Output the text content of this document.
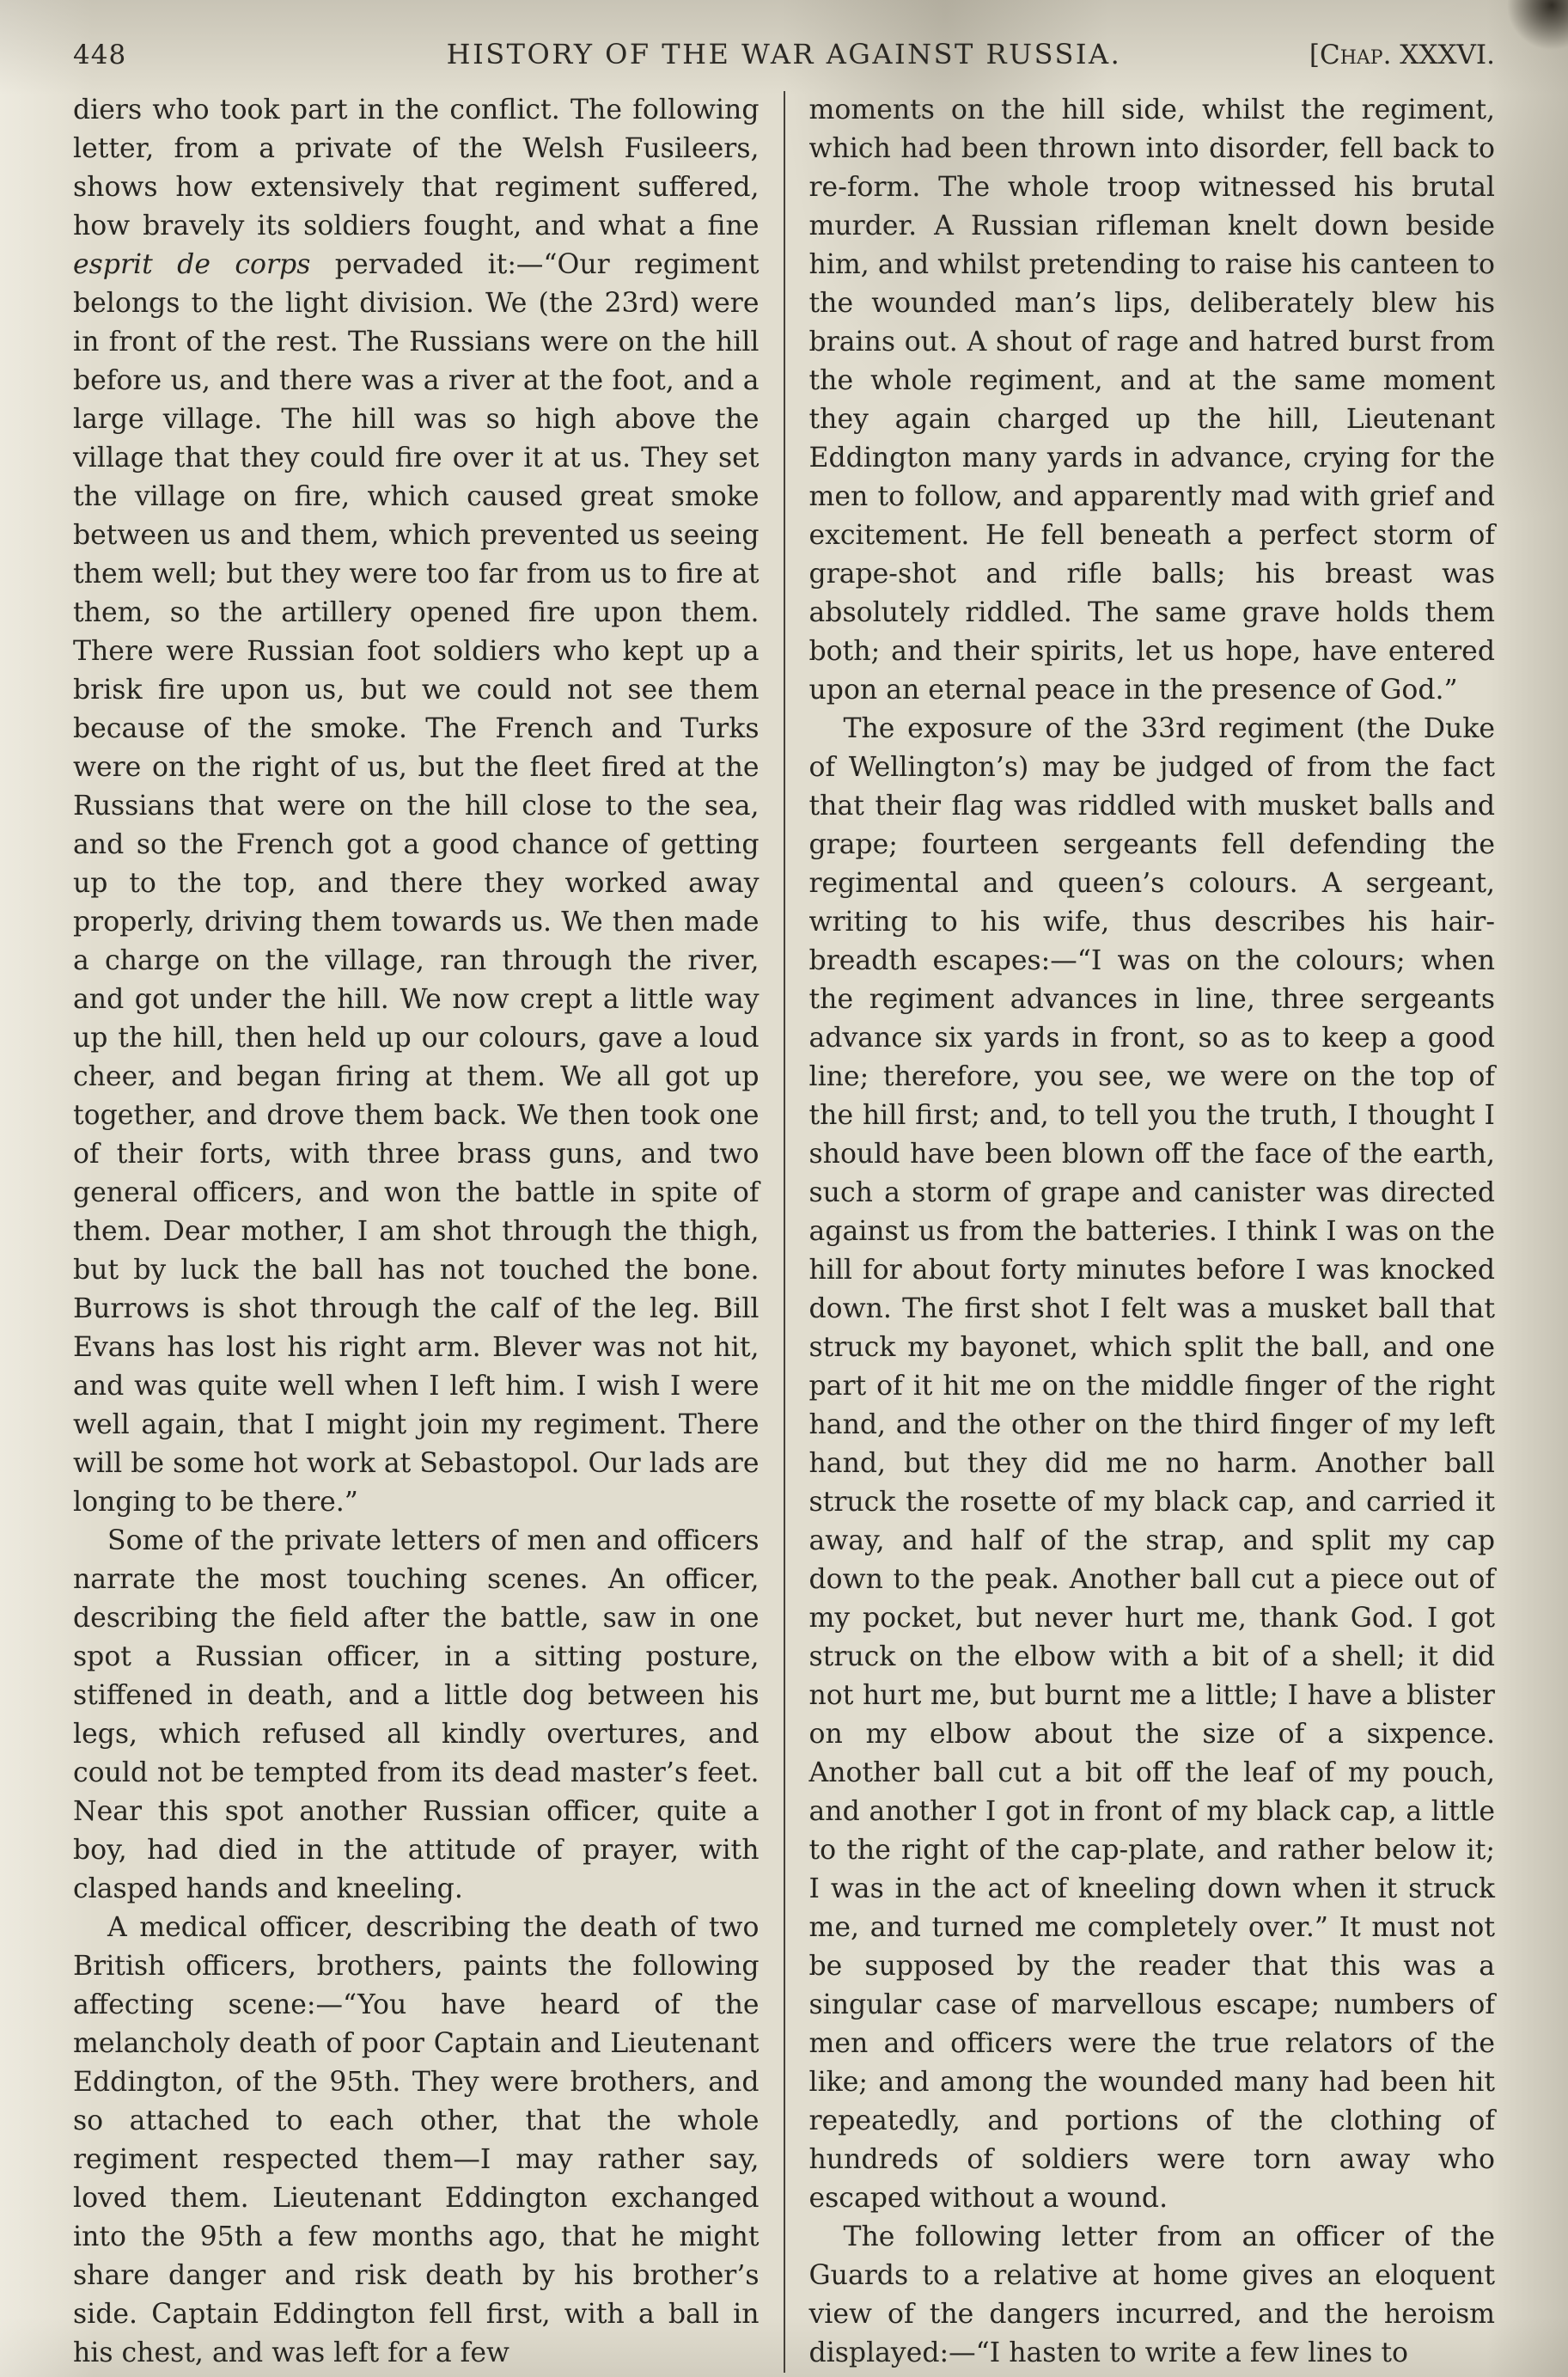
448	HISTORY OF THE WAR AGAINST RUSSIA.	[Chap. XXXVI.

diers who took part in the conflict. The following letter, from a private of the Welsh Fusileers, shows how extensively that regiment suffered, how bravely its soldiers fought, and what a fine esprit de corps pervaded it:—“Our regiment belongs to the light division. We (the 23rd) were in front of the rest. The Russians were on the hill before us, and there was a river at the foot, and a large village. The hill was so high above the village that they could fire over it at us. They set the village on fire, which caused great smoke between us and them, which prevented us seeing them well; but they were too far from us to fire at them, so the artillery opened fire upon them. There were Russian foot soldiers who kept up a brisk fire upon us, but we could not see them because of the smoke. The French and Turks were on the right of us, but the fleet fired at the Russians that were on the hill close to the sea, and so the French got a good chance of getting up to the top, and there they worked away properly, driving them towards us. We then made a charge on the village, ran through the river, and got under the hill. We now crept a little way up the hill, then held up our colours, gave a loud cheer, and began firing at them. We all got up together, and drove them back. We then took one of their forts, with three brass guns, and two general officers, and won the battle in spite of them. Dear mother, I am shot through the thigh, but by luck the ball has not touched the bone. Burrows is shot through the calf of the leg. Bill Evans has lost his right arm. Blever was not hit, and was quite well when I left him. I wish I were well again, that I might join my regiment. There will be some hot work at Sebastopol. Our lads are longing to be there.”

Some of the private letters of men and officers narrate the most touching scenes. An officer, describing the field after the battle, saw in one spot a Russian officer, in a sitting posture, stiffened in death, and a little dog between his legs, which refused all kindly overtures, and could not be tempted from its dead master’s feet. Near this spot another Russian officer, quite a boy, had died in the attitude of prayer, with clasped hands and kneeling.

A medical officer, describing the death of two British officers, brothers, paints the following affecting scene:—“You have heard of the melancholy death of poor Captain and Lieutenant Eddington, of the 95th. They were brothers, and so attached to each other, that the whole regiment respected them—I may rather say, loved them. Lieutenant Eddington exchanged into the 95th a few months ago, that he might share danger and risk death by his brother’s side. Captain Eddington fell first, with a ball in his chest, and was left for a few

moments on the hill side, whilst the regiment, which had been thrown into disorder, fell back to re-form. The whole troop witnessed his brutal murder. A Russian rifleman knelt down beside him, and whilst pretending to raise his canteen to the wounded man’s lips, deliberately blew his brains out. A shout of rage and hatred burst from the whole regiment, and at the same moment they again charged up the hill, Lieutenant Eddington many yards in advance, crying for the men to follow, and apparently mad with grief and excitement. He fell beneath a perfect storm of grape-shot and rifle balls; his breast was absolutely riddled. The same grave holds them both; and their spirits, let us hope, have entered upon an eternal peace in the presence of God.”

The exposure of the 33rd regiment (the Duke of Wellington’s) may be judged of from the fact that their flag was riddled with musket balls and grape; fourteen sergeants fell defending the regimental and queen’s colours. A sergeant, writing to his wife, thus describes his hair-breadth escapes:—“I was on the colours; when the regiment advances in line, three sergeants advance six yards in front, so as to keep a good line; therefore, you see, we were on the top of the hill first; and, to tell you the truth, I thought I should have been blown off the face of the earth, such a storm of grape and canister was directed against us from the batteries. I think I was on the hill for about forty minutes before I was knocked down. The first shot I felt was a musket ball that struck my bayonet, which split the ball, and one part of it hit me on the middle finger of the right hand, and the other on the third finger of my left hand, but they did me no harm. Another ball struck the rosette of my black cap, and carried it away, and half of the strap, and split my cap down to the peak. Another ball cut a piece out of my pocket, but never hurt me, thank God. I got struck on the elbow with a bit of a shell; it did not hurt me, but burnt me a little; I have a blister on my elbow about the size of a sixpence. Another ball cut a bit off the leaf of my pouch, and another I got in front of my black cap, a little to the right of the cap-plate, and rather below it; I was in the act of kneeling down when it struck me, and turned me completely over.” It must not be supposed by the reader that this was a singular case of marvellous escape; numbers of men and officers were the true relators of the like; and among the wounded many had been hit repeatedly, and portions of the clothing of hundreds of soldiers were torn away who escaped without a wound.

The following letter from an officer of the Guards to a relative at home gives an eloquent view of the dangers incurred, and the heroism displayed:—“I hasten to write a few lines to
